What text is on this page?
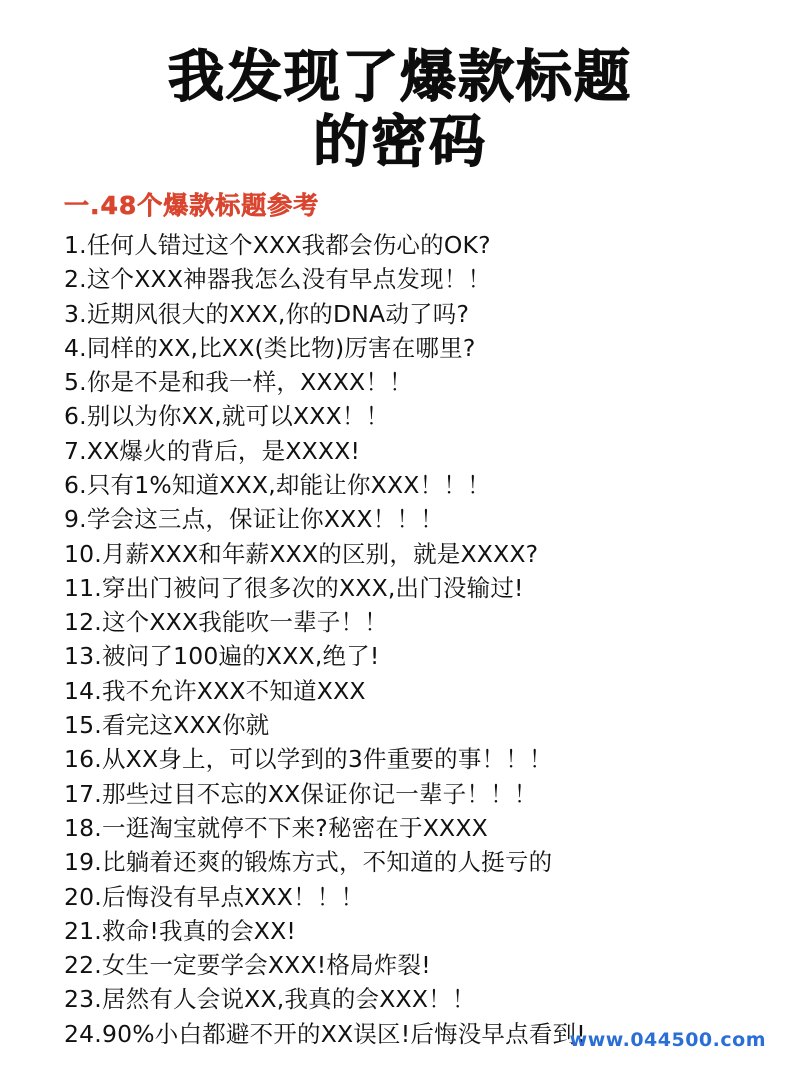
我发现了爆款标题
的密码
一.48个爆款标题参考
1.任何人错过这个XXX我都会伤心的OK?
2.这个XXX神器我怎么没有早点发现！！
3.近期风很大的XXX,你的DNA动了吗?
4.同样的XX,比XX(类比物)厉害在哪里?
5.你是不是和我一样，XXXX！！
6.别以为你XX,就可以XXX！！
7.XX爆火的背后，是XXXX!
6.只有1%知道XXX,却能让你XXX！！！
9.学会这三点，保证让你XXX！！！
10.月薪XXX和年薪XXX的区别，就是XXXX?
11.穿出门被问了很多次的XXX,出门没输过!
12.这个XXX我能吹一辈子！！
13.被问了100遍的XXX,绝了!
14.我不允许XXX不知道XXX
15.看完这XXX你就
16.从XX身上，可以学到的3件重要的事！！！
17.那些过目不忘的XX保证你记一辈子！！！
18.一逛淘宝就停不下来?秘密在于XXXX
19.比躺着还爽的锻炼方式，不知道的人挺亏的
20.后悔没有早点XXX！！！
21.救命!我真的会XX!
22.女生一定要学会XXX!格局炸裂!
23.居然有人会说XX,我真的会XXX！！
24.90%小白都避不开的XX误区!后悔没早点看到!
www.044500.com
